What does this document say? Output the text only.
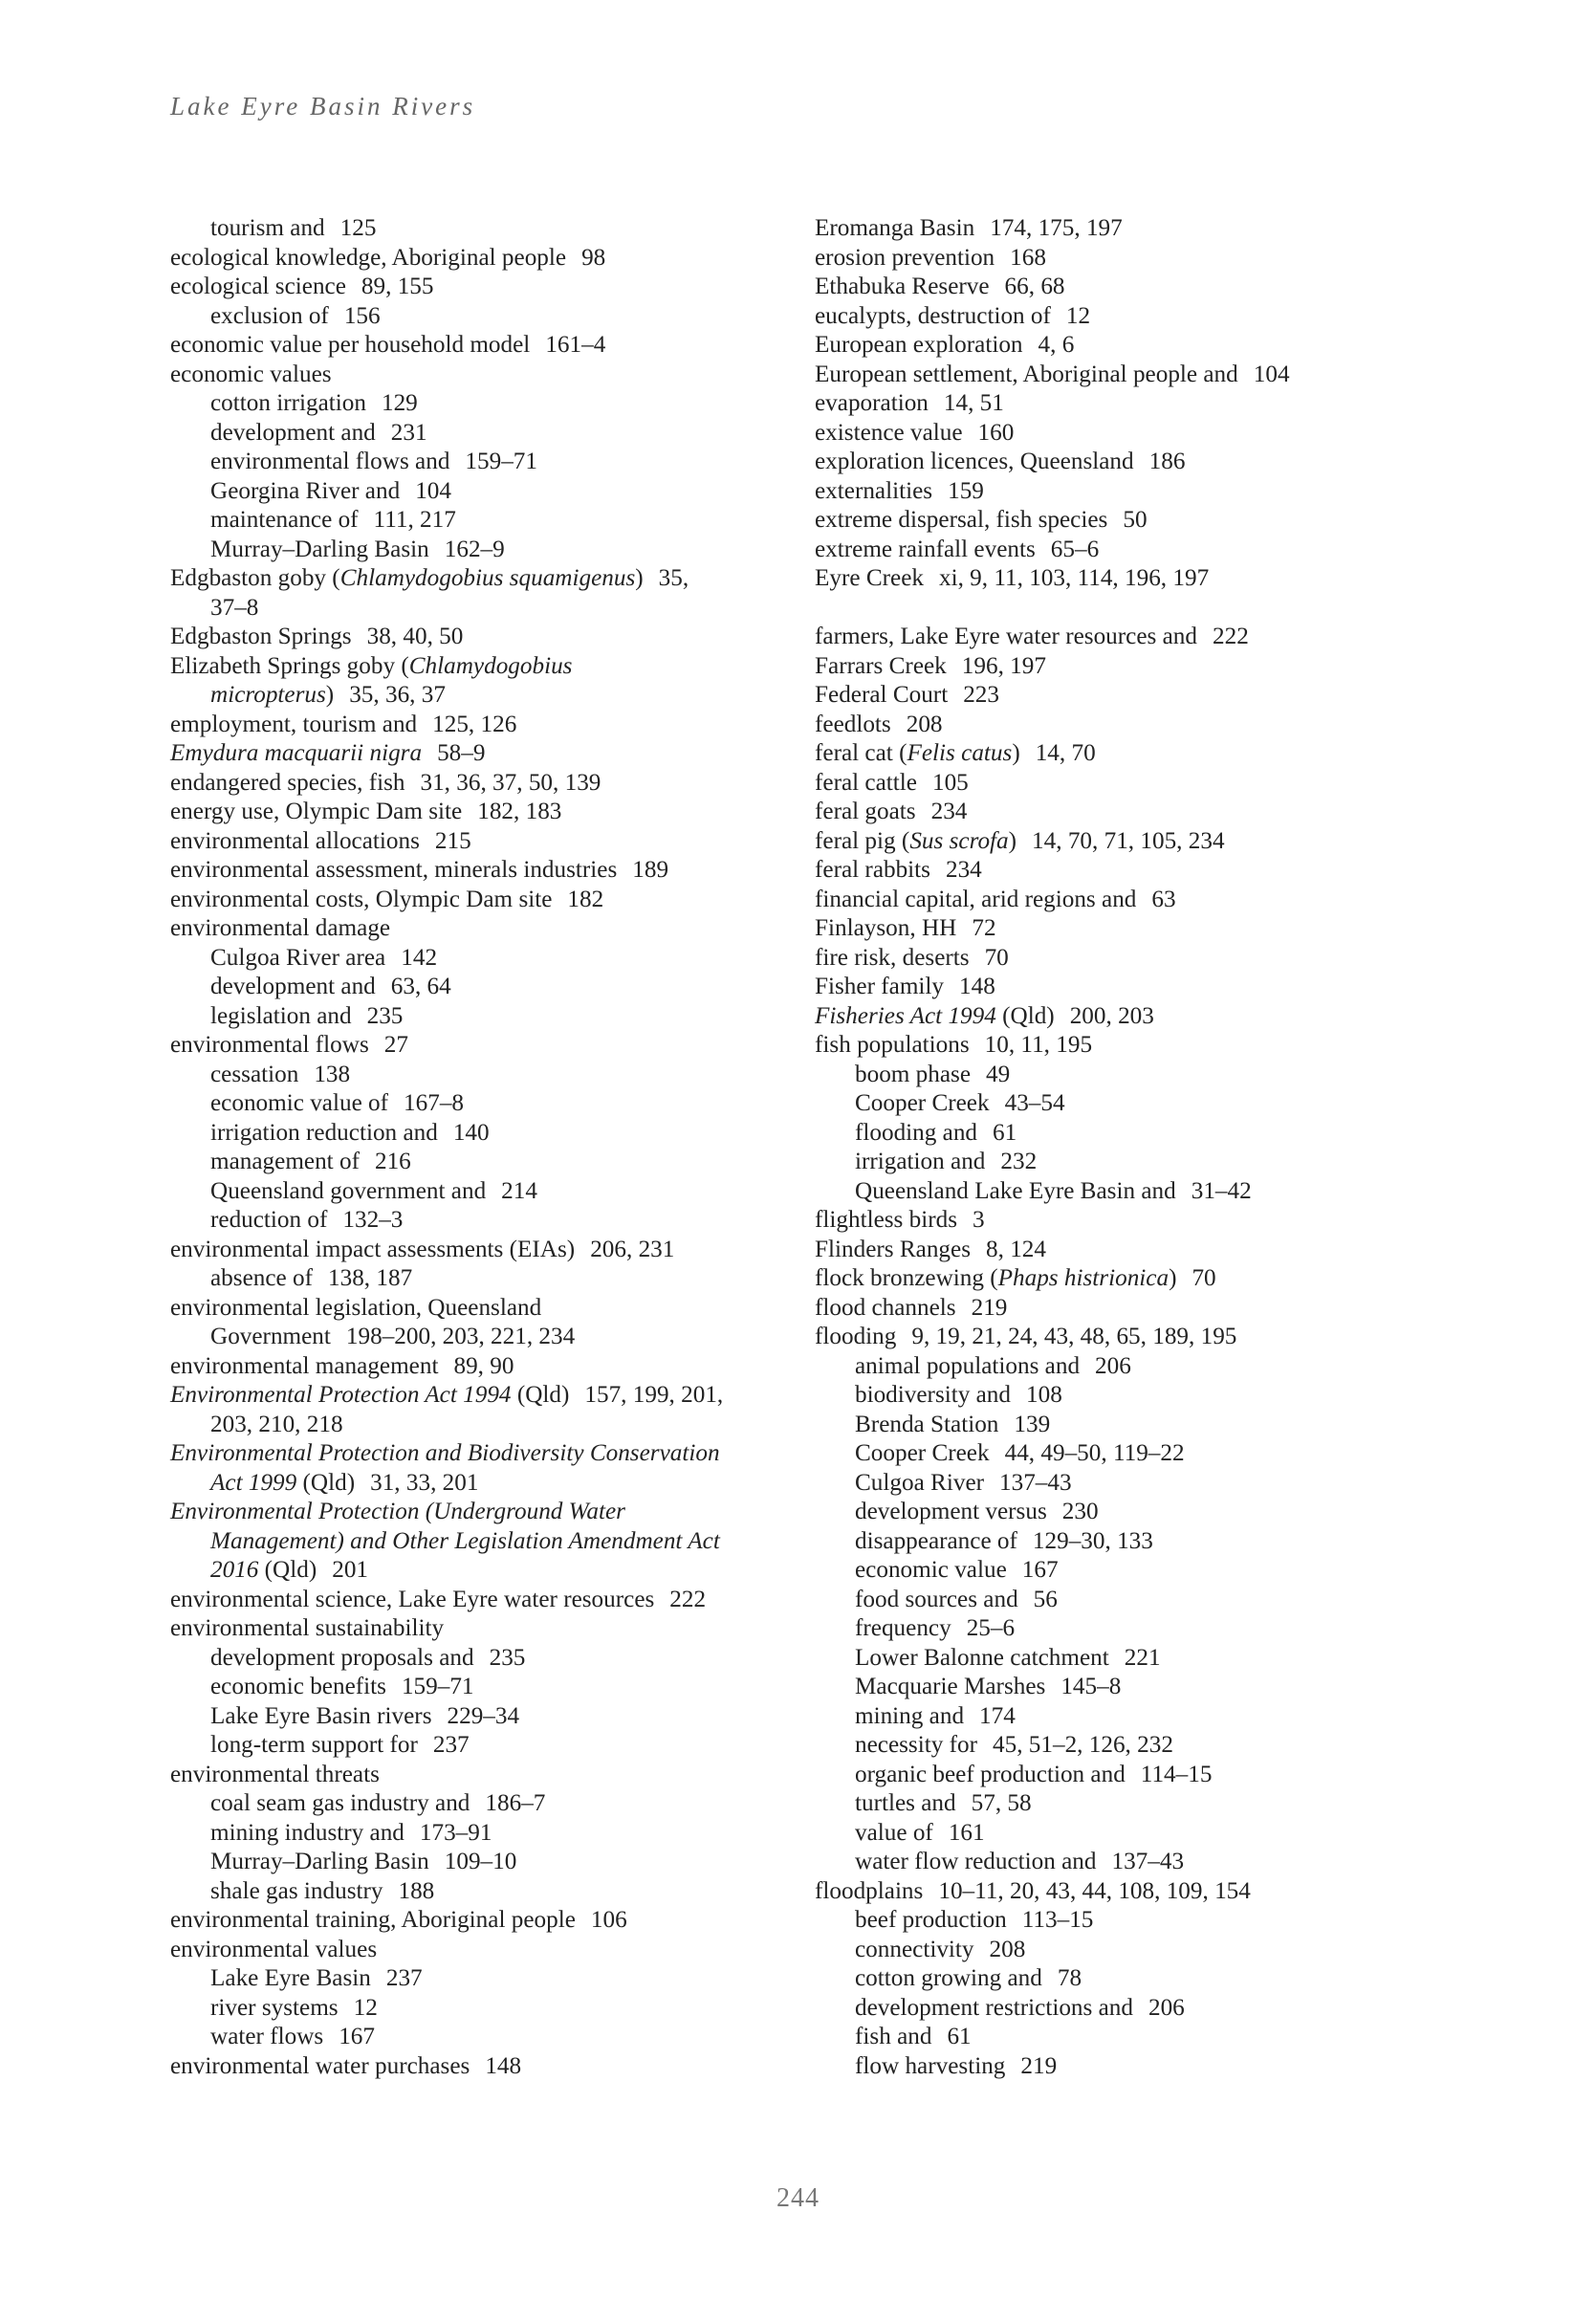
Lake Eyre Basin Rivers
tourism and 125
ecological knowledge, Aboriginal people 98
ecological science 89, 155
exclusion of 156
economic value per household model 161–4
economic values
cotton irrigation 129
development and 231
environmental flows and 159–71
Georgina River and 104
maintenance of 111, 217
Murray–Darling Basin 162–9
Edgbaston goby (Chlamydogobius squamigenus) 35,
37–8
Edgbaston Springs 38, 40, 50
Elizabeth Springs goby (Chlamydogobius
micropterus) 35, 36, 37
employment, tourism and 125, 126
Emydura macquarii nigra 58–9
endangered species, fish 31, 36, 37, 50, 139
energy use, Olympic Dam site 182, 183
environmental allocations 215
environmental assessment, minerals industries 189
environmental costs, Olympic Dam site 182
environmental damage
Culgoa River area 142
development and 63, 64
legislation and 235
environmental flows 27
cessation 138
economic value of 167–8
irrigation reduction and 140
management of 216
Queensland government and 214
reduction of 132–3
environmental impact assessments (EIAs) 206, 231
absence of 138, 187
environmental legislation, Queensland
Government 198–200, 203, 221, 234
environmental management 89, 90
Environmental Protection Act 1994 (Qld) 157, 199, 201,
203, 210, 218
Environmental Protection and Biodiversity Conservation
Act 1999 (Qld) 31, 33, 201
Environmental Protection (Underground Water
Management) and Other Legislation Amendment Act
2016 (Qld) 201
environmental science, Lake Eyre water resources 222
environmental sustainability
development proposals and 235
economic benefits 159–71
Lake Eyre Basin rivers 229–34
long-term support for 237
environmental threats
coal seam gas industry and 186–7
mining industry and 173–91
Murray–Darling Basin 109–10
shale gas industry 188
environmental training, Aboriginal people 106
environmental values
Lake Eyre Basin 237
river systems 12
water flows 167
environmental water purchases 148
Eromanga Basin 174, 175, 197
erosion prevention 168
Ethabuka Reserve 66, 68
eucalypts, destruction of 12
European exploration 4, 6
European settlement, Aboriginal people and 104
evaporation 14, 51
existence value 160
exploration licences, Queensland 186
externalities 159
extreme dispersal, fish species 50
extreme rainfall events 65–6
Eyre Creek xi, 9, 11, 103, 114, 196, 197
farmers, Lake Eyre water resources and 222
Farrars Creek 196, 197
Federal Court 223
feedlots 208
feral cat (Felis catus) 14, 70
feral cattle 105
feral goats 234
feral pig (Sus scrofa) 14, 70, 71, 105, 234
feral rabbits 234
financial capital, arid regions and 63
Finlayson, HH 72
fire risk, deserts 70
Fisher family 148
Fisheries Act 1994 (Qld) 200, 203
fish populations 10, 11, 195
boom phase 49
Cooper Creek 43–54
flooding and 61
irrigation and 232
Queensland Lake Eyre Basin and 31–42
flightless birds 3
Flinders Ranges 8, 124
flock bronzewing (Phaps histrionica) 70
flood channels 219
flooding 9, 19, 21, 24, 43, 48, 65, 189, 195
animal populations and 206
biodiversity and 108
Brenda Station 139
Cooper Creek 44, 49–50, 119–22
Culgoa River 137–43
development versus 230
disappearance of 129–30, 133
economic value 167
food sources and 56
frequency 25–6
Lower Balonne catchment 221
Macquarie Marshes 145–8
mining and 174
necessity for 45, 51–2, 126, 232
organic beef production and 114–15
turtles and 57, 58
value of 161
water flow reduction and 137–43
floodplains 10–11, 20, 43, 44, 108, 109, 154
beef production 113–15
connectivity 208
cotton growing and 78
development restrictions and 206
fish and 61
flow harvesting 219
244
